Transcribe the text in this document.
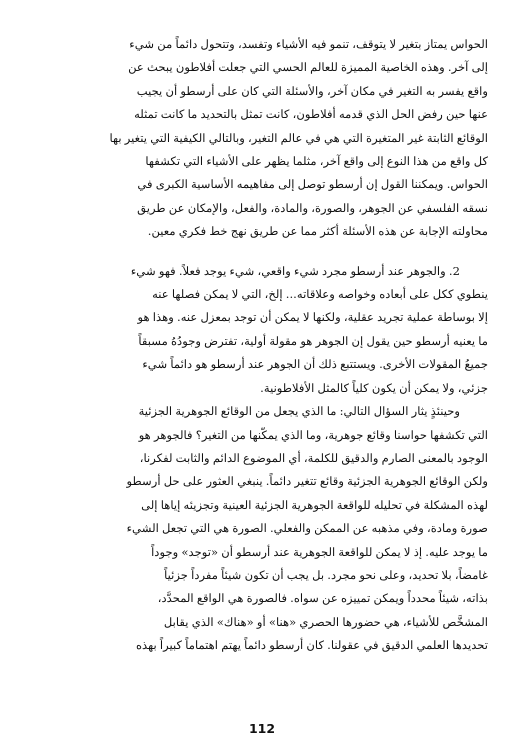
الحواس يمتاز بتغير لا يتوقف، تنمو فيه الأشياء وتفسد، وتتحول دائماً من شيء
إلى آخر. وهذه الخاصية المميزة للعالم الحسي التي جعلت أفلاطون يبحث عن
واقع يفسر به التغير في مكان آخر، والأسئلة التي كان على أرسطو أن يجيب
عنها حين رفض الحل الذي قدمه أفلاطون، كانت تمثل بالتحديد ما كانت تمثله
الوقائع الثابتة غير المتغيرة التي هي في عالم التغير، وبالتالي الكيفية التي يتغير بها
كل واقع من هذا النوع إلى واقع آخر، مثلما يظهر على الأشياء التي تكشفها
الحواس. ويمكننا القول إن أرسطو توصل إلى مفاهيمه الأساسية الكبرى في
نسقه الفلسفي عن الجوهر، والصورة، والمادة، والفعل، والإمكان عن طريق
محاولته الإجابة عن هذه الأسئلة أكثر مما عن طريق نهج خط فكري معين.

2. والجوهر عند أرسطو مجرد شيء واقعي، شيء يوجد فعلاً. فهو شيء
ينطوي ككل على أبعاده وخواصه وعلاقاته... إلخ، التي لا يمكن فصلها عنه
إلا بوساطة عملية تجريد عقلية، ولكنها لا يمكن أن توجد بمعزل عنه. وهذا هو
ما يعنيه أرسطو حين يقول إن الجوهر هو مقولة أولية، تفترض وجودُهُ مسبقاً
جميعُ المقولات الأخرى. ويستتبع ذلك أن الجوهر عند أرسطو هو دائماً شيء
جزئي، ولا يمكن أن يكون كلياً كالمثل الأفلاطونية.

وحينئذٍ يثار السؤال التالي: ما الذي يجعل من الوقائع الجوهرية الجزئية
التي تكشفها حواسنا وقائع جوهرية، وما الذي يمكّنها من التغير؟ فالجوهر هو
الوجود بالمعنى الصارم والدقيق للكلمة، أي الموضوع الدائم والثابت لفكرنا،
ولكن الوقائع الجوهرية الجزئية وقائع تتغير دائماً. ينبغي العثور على حل أرسطو
لهذه المشكلة في تحليله للواقعة الجوهرية الجزئية العينية وتجزيئه إياها إلى
صورة ومادة، وفي مذهبه عن الممكن والفعلي. الصورة هي التي تجعل الشيء
ما يوجد عليه. إذ لا يمكن للواقعة الجوهرية عند أرسطو أن «توجد» وجوداً
غامضاً، بلا تحديد، وعلى نحو مجرد. بل يجب أن تكون شيئاً مفرداً جزئياً
بذاته، شيئاً محدداً ويمكن تمييزه عن سواه. فالصورة هي الواقع المحدَّد،
المشخَّص للأشياء، هي حضورها الحصري «هنا» أو «هناك» الذي يقابل
تحديدها العلمي الدقيق في عقولنا. كان أرسطو دائماً يهتم اهتماماً كبيراً بهذه

112
